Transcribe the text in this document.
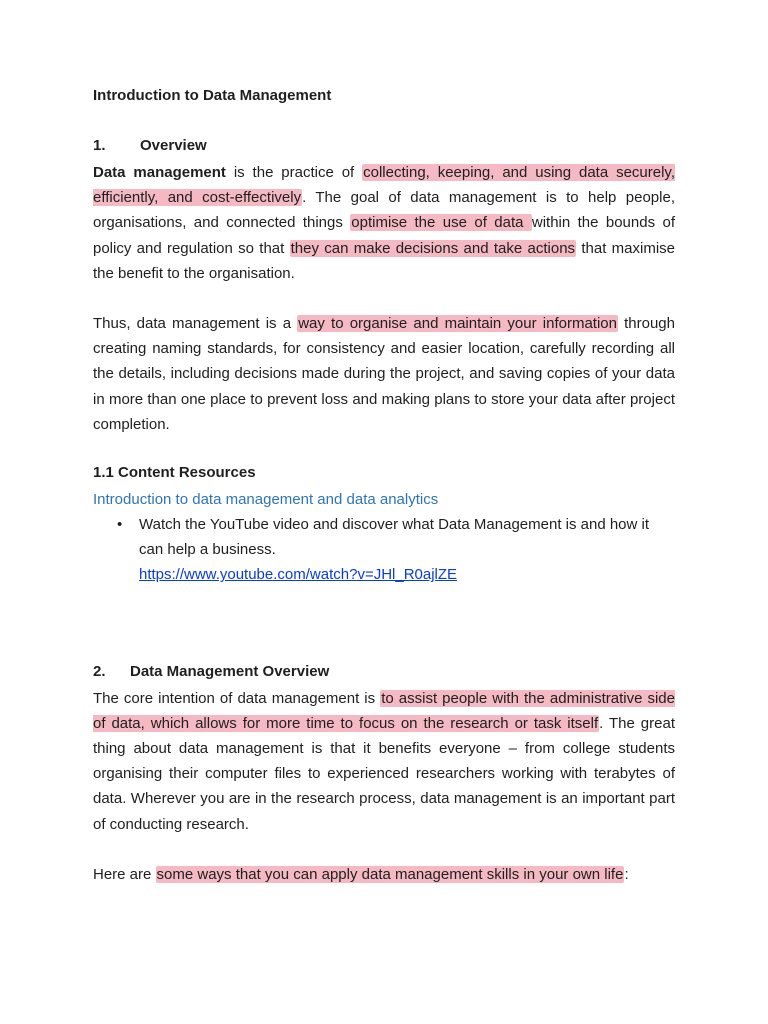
Introduction to Data Management
1. Overview

Data management is the practice of collecting, keeping, and using data securely, efficiently, and cost-effectively. The goal of data management is to help people, organisations, and connected things optimise the use of data within the bounds of policy and regulation so that they can make decisions and take actions that maximise the benefit to the organisation.

Thus, data management is a way to organise and maintain your information through creating naming standards, for consistency and easier location, carefully recording all the details, including decisions made during the project, and saving copies of your data in more than one place to prevent loss and making plans to store your data after project completion.

1.1 Content Resources
Introduction to data management and data analytics
• Watch the YouTube video and discover what Data Management is and how it can help a business.
https://www.youtube.com/watch?v=JHl_R0ajlZE
2. Data Management Overview

The core intention of data management is to assist people with the administrative side of data, which allows for more time to focus on the research or task itself. The great thing about data management is that it benefits everyone – from college students organising their computer files to experienced researchers working with terabytes of data. Wherever you are in the research process, data management is an important part of conducting research.

Here are some ways that you can apply data management skills in your own life:
